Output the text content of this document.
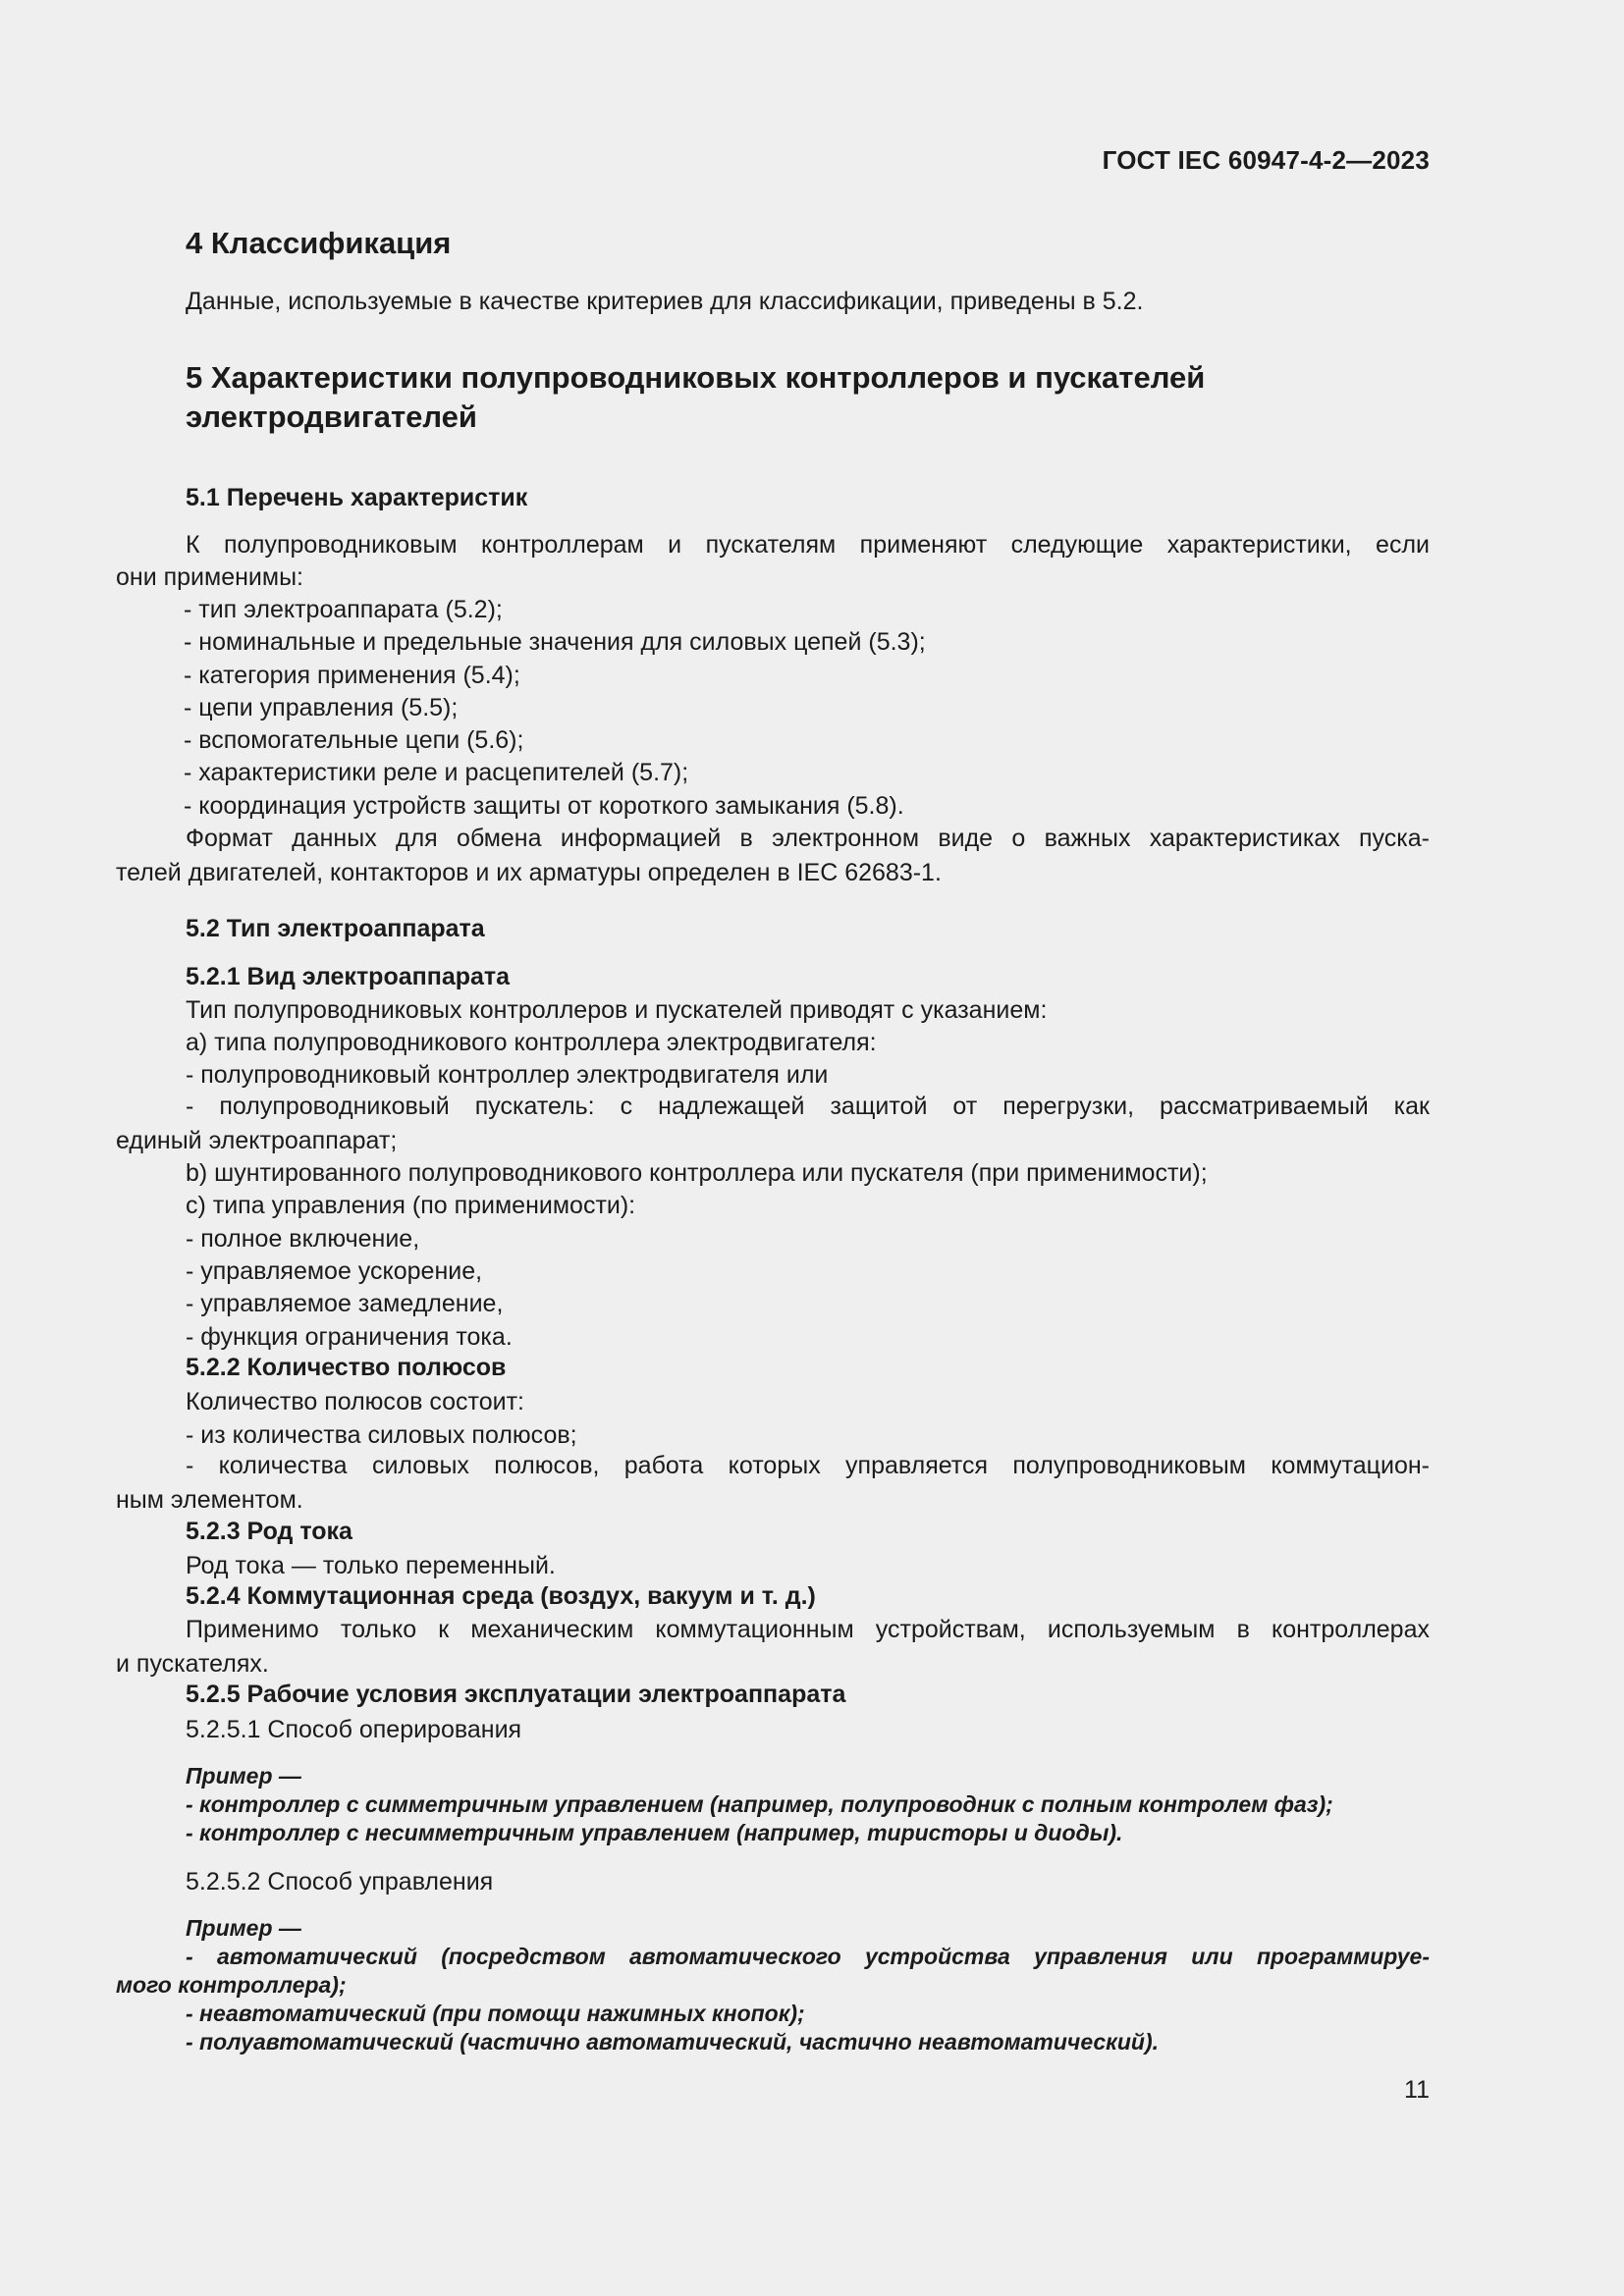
ГОСТ IEC 60947-4-2—2023
4 Классификация
Данные, используемые в качестве критериев для классификации, приведены в 5.2.
5 Характеристики полупроводниковых контроллеров и пускателей
электродвигателей
5.1 Перечень характеристик
К полупроводниковым контроллерам и пускателям применяют следующие характеристики, если
они применимы:
- тип электроаппарата (5.2);
- номинальные и предельные значения для силовых цепей (5.3);
- категория применения (5.4);
- цепи управления (5.5);
- вспомогательные цепи (5.6);
- характеристики реле и расцепителей (5.7);
- координация устройств защиты от короткого замыкания (5.8).
Формат данных для обмена информацией в электронном виде о важных характеристиках пуска-
телей двигателей, контакторов и их арматуры определен в IEC 62683-1.
5.2 Тип электроаппарата
5.2.1 Вид электроаппарата
Тип полупроводниковых контроллеров и пускателей приводят с указанием:
а) типа полупроводникового контроллера электродвигателя:
- полупроводниковый контроллер электродвигателя или
- полупроводниковый пускатель: с надлежащей защитой от перегрузки, рассматриваемый как
единый электроаппарат;
b) шунтированного полупроводникового контроллера или пускателя (при применимости);
с) типа управления (по применимости):
- полное включение,
- управляемое ускорение,
- управляемое замедление,
- функция ограничения тока.
5.2.2 Количество полюсов
Количество полюсов состоит:
- из количества силовых полюсов;
- количества силовых полюсов, работа которых управляется полупроводниковым коммутацион-
ным элементом.
5.2.3 Род тока
Род тока — только переменный.
5.2.4 Коммутационная среда (воздух, вакуум и т. д.)
Применимо только к механическим коммутационным устройствам, используемым в контроллерах
и пускателях.
5.2.5 Рабочие условия эксплуатации электроаппарата
5.2.5.1 Способ оперирования
Пример —
- контроллер с симметричным управлением (например, полупроводник с полным контролем фаз);
- контроллер с несимметричным управлением (например, тиристоры и диоды).
5.2.5.2 Способ управления
Пример —
- автоматический (посредством автоматического устройства управления или программируе-
мого контроллера);
- неавтоматический (при помощи нажимных кнопок);
- полуавтоматический (частично автоматический, частично неавтоматический).
11
